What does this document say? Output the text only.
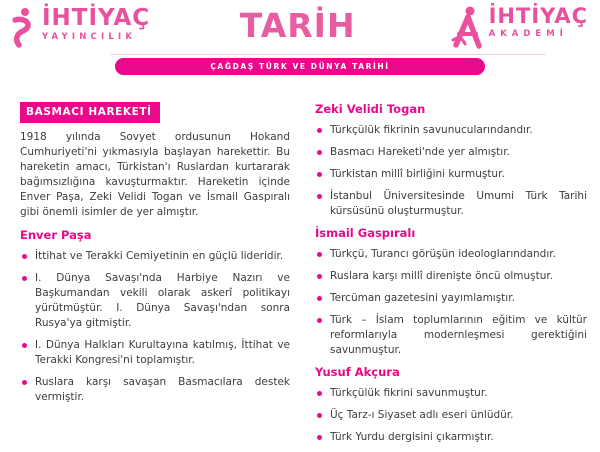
İHTİYAÇ
YAYINCILIK	TARİH	İHTİYAÇ
AKADEMİ
ÇAĞDAŞ TÜRK VE DÜNYA TARİHİ
BASMACI HAREKETİ

1918 yılında Sovyet ordusunun Hokand Cumhuriyeti'ni yıkmasıyla başlayan harekettir. Bu hareketin amacı, Türkistan'ı Ruslardan kurtararak bağımsızlığına kavuşturmaktır. Hareketin içinde Enver Paşa, Zeki Velidi Togan ve İsmail Gaspıralı gibi önemli isimler de yer almıştır.

Enver Paşa
İttihat ve Terakki Cemiyetinin en güçlü lideridir.
I. Dünya Savaşı'nda Harbiye Nazırı ve Başkumandan vekili olarak askerî politikayı yürütmüştür. I. Dünya Savaşı'ndan sonra Rusya'ya gitmiştir.
I. Dünya Halkları Kurultayına katılmış, İttihat ve Terakki Kongresi'ni toplamıştır.
Ruslara karşı savaşan Basmacılara destek vermiştir.
Zeki Velidi Togan
Türkçülük fikrinin savunucularındandır.
Basmacı Hareketi'nde yer almıştır.
Türkistan millî birliğini kurmuştur.
İstanbul Üniversitesinde Umumi Türk Tarihi kürsüsünü oluşturmuştur.
İsmail Gaspıralı
Türkçü, Turancı görüşün ideologlarındandır.
Ruslara karşı millî direnişte öncü olmuştur.
Tercüman gazetesini yayımlamıştır.
Türk – İslam toplumlarının eğitim ve kültür reformlarıyla modernleşmesi gerektiğini savunmuştur.
Yusuf Akçura
Türkçülük fikrini savunmuştur.
Üç Tarz-ı Siyaset adlı eseri ünlüdür.
Türk Yurdu dergisini çıkarmıştır.
